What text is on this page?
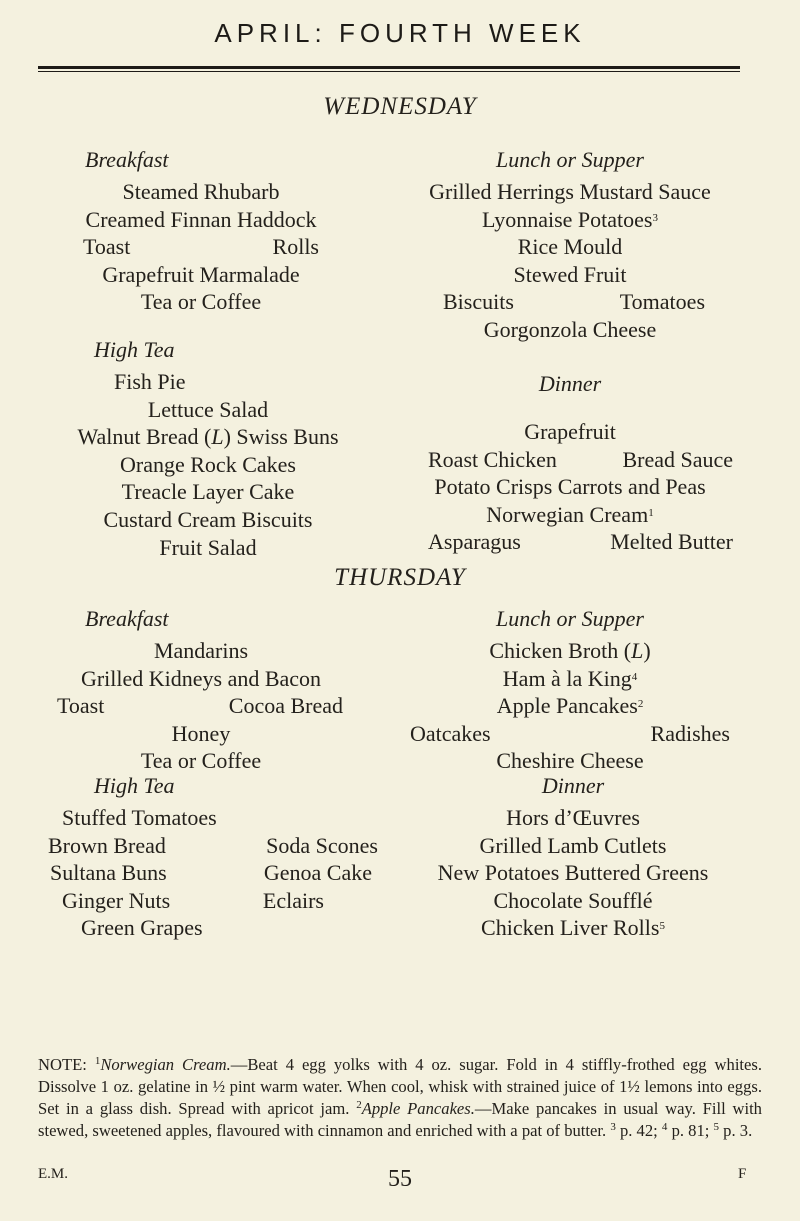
APRIL: FOURTH WEEK
WEDNESDAY
Breakfast
Steamed Rhubarb
Creamed Finnan Haddock
Toast	Rolls
Grapefruit Marmalade
Tea or Coffee
High Tea
Fish Pie
Lettuce Salad
Walnut Bread (L) Swiss Buns
Orange Rock Cakes
Treacle Layer Cake
Custard Cream Biscuits
Fruit Salad
Lunch or Supper
Grilled Herrings Mustard Sauce
Lyonnaise Potatoes$^3$
Rice Mould
Stewed Fruit
Biscuits	Tomatoes
Gorgonzola Cheese
Dinner
Grapefruit
Roast Chicken	Bread Sauce
Potato Crisps Carrots and Peas
Norwegian Cream$^1$
Asparagus	Melted Butter
THURSDAY
Breakfast
Mandarins
Grilled Kidneys and Bacon
Toast	Cocoa Bread
Honey
Tea or Coffee
Lunch or Supper
Chicken Broth (L)
Ham à la King$^4$
Apple Pancakes$^2$
Oatcakes	Radishes
Cheshire Cheese
High Tea
Stuffed Tomatoes
Brown Bread	Soda Scones
Sultana Buns	Genoa Cake
Ginger Nuts	Eclairs
Green Grapes
Dinner
Hors d’Œuvres
Grilled Lamb Cutlets
New Potatoes Buttered Greens
Chocolate Soufflé
Chicken Liver Rolls$^5$
NOTE: $^1$Norwegian Cream.—Beat 4 egg yolks with 4 oz. sugar. Fold in 4 stiffly-frothed egg whites. Dissolve 1 oz. gelatine in ½ pint warm water. When cool, whisk with strained juice of 1½ lemons into eggs. Set in a glass dish. Spread with apricot jam. $^2$Apple Pancakes.—Make pancakes in usual way. Fill with stewed, sweetened apples, flavoured with cinnamon and enriched with a pat of butter. $^3$ p. 42; $^4$ p. 81; $^5$ p. 3.
E.M.	55	F
